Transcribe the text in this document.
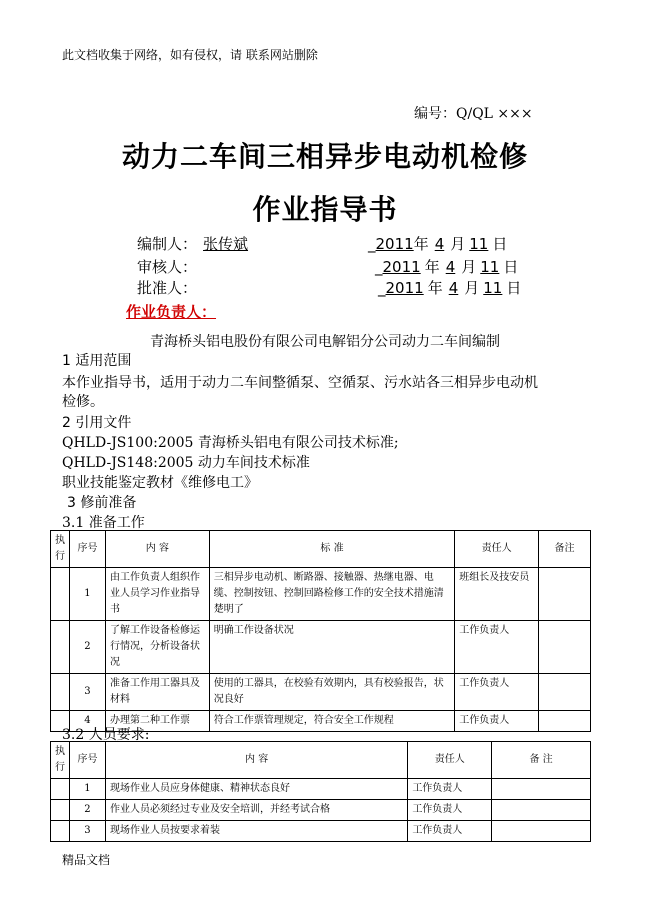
此文档收集于网络，如有侵权，请 联系网站删除
编号：Q/QL ×××
动力二车间三相异步电动机检修
作业指导书
编制人： 张传斌	_2011年 4 月 11 日
审核人：	_2011 年 4 月 11 日
批准人：	_2011 年 4 月 11 日
作业负责人：
青海桥头铝电股份有限公司电解铝分公司动力二车间编制
1 适用范围
本作业指导书，适用于动力二车间整循泵、空循泵、污水站各三相异步电动机
检修。
2 引用文件
QHLD-JS100:2005 青海桥头铝电有限公司技术标准;
QHLD-JS148:2005 动力车间技术标准
职业技能鉴定教材《维修电工》
3 修前准备
3.1 准备工作
执行	序号	内 容	标 准	责任人	备注
	1	由工作负责人组织作业人员学习作业指导书	三相异步电动机、断路器、接触器、热继电器、电缆、控制按钮、控制回路检修工作的安全技术措施清楚明了	班组长及技安员	
	2	了解工作设备检修运行情况，分析设备状况	明确工作设备状况	工作负责人	
	3	准备工作用工器具及材料	使用的工器具，在校验有效期内，具有校验报告，状况良好	工作负责人	
	4	办理第二种工作票	符合工作票管理规定，符合安全工作规程	工作负责人	
3.2 人员要求:
执行	序号	内 容	责任人	备 注
	1	现场作业人员应身体健康、精神状态良好	工作负责人	
	2	作业人员必须经过专业及安全培训，并经考试合格	工作负责人	
	3	现场作业人员按要求着装	工作负责人	
精品文档
